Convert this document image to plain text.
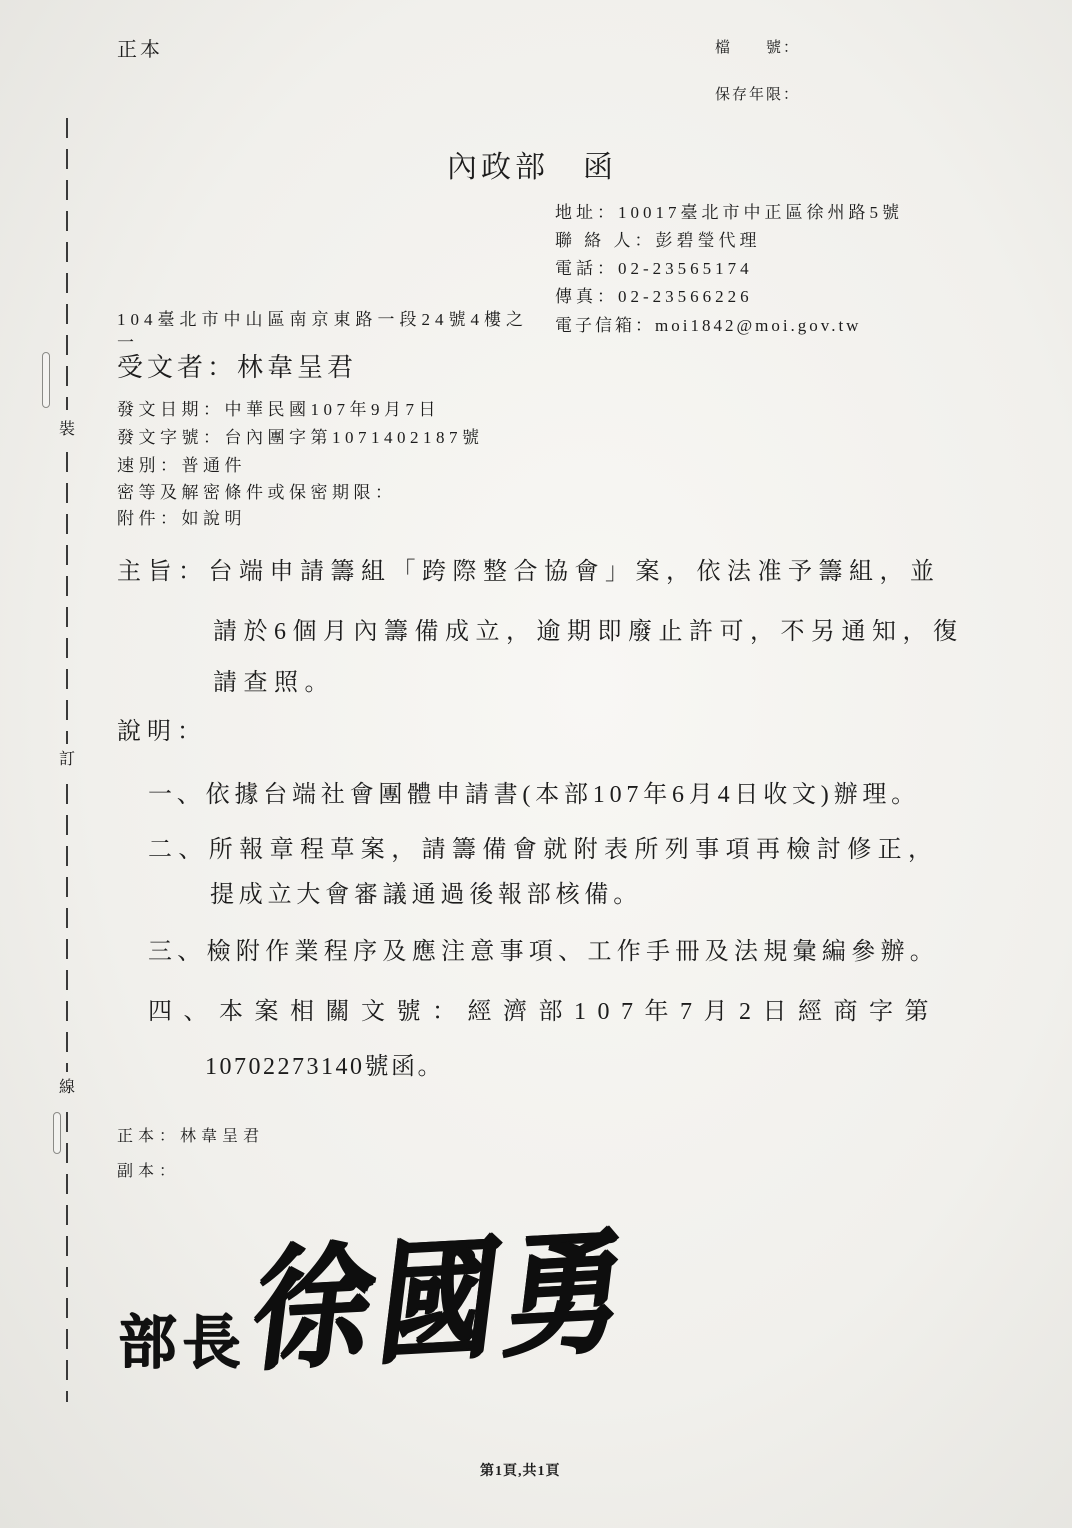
裝
訂
線
正本	檔　　號：
保存年限：
內政部　函
地址：10017臺北市中正區徐州路5號
聯 絡 人：彭碧瑩代理
電話：02-23565174
傳真：02-23566226
電子信箱：moi1842@moi.gov.tw
104臺北市中山區南京東路一段24號4樓之
一
受文者：林韋呈君
發文日期：中華民國107年9月7日
發文字號：台內團字第1071402187號
速別：普通件
密等及解密條件或保密期限：
附件：如說明
主旨：台端申請籌組「跨際整合協會」案，依法准予籌組，並
請於6個月內籌備成立，逾期即廢止許可，不另通知，復
請查照。
說明：
一、依據台端社會團體申請書(本部107年6月4日收文)辦理。
二、所報章程草案，請籌備會就附表所列事項再檢討修正，
提成立大會審議通過後報部核備。
三、檢附作業程序及應注意事項、工作手冊及法規彙編參辦。
四、本案相關文號：經濟部107年7月2日經商字第
10702273140號函。
正本：林韋呈君
副本：
部長
徐國勇
第1頁,共1頁
